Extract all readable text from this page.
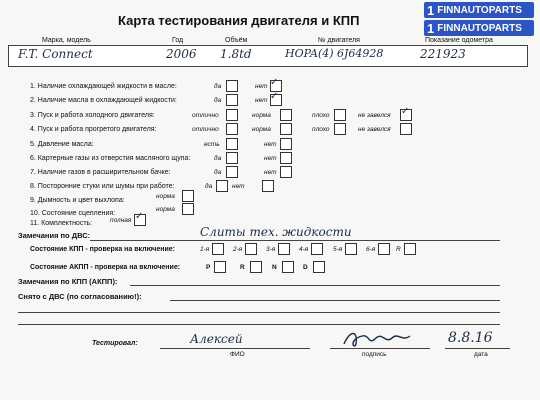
Карта тестирования двигателя и КПП
1 FINNAUTOPARTS
1 FINNAUTOPARTS
Марка, модель	Год	Объём	№ двигателя	Показание одометра
F.T. Connect	2006 1.8td	HOPA(4) 6J64928	221923
1. Наличие охлаждающей жидкости в масле:	да	нет ✓
2. Наличие масла в охлаждающей жидкости:	да	нет ✓
3. Пуск и работа холодного двигателя:	отлично	норма	плохо	не завелся ✓
4. Пуск и работа прогретого двигателя:	отлично	норма	плохо	не завелся
5. Давление масла:	есть	нет
6. Картерные газы из отверстия масляного щупа:	да	нет
7. Наличие газов в расширительном бачке:	да	нет
8. Посторонние стуки или шумы при работе:	да	нет
9. Дымность и цвет выхлопа:
норма
10. Состояние сцепления:
норма
11. Комплектность:	полная ✓
Замечания по ДВС:	Слиты тех. жидкости
Состояние КПП - проверка на включение:	1-я	2-я	3-я	4-я	5-я	6-я	R
Состояние АКПП - проверка на включение:	P	R	N	D
Замечания по КПП (АКПП):
Снято с ДВС (по согласованию!):
Тестировал:	Алексей
ФИО	подпись
8.8.16
дата
